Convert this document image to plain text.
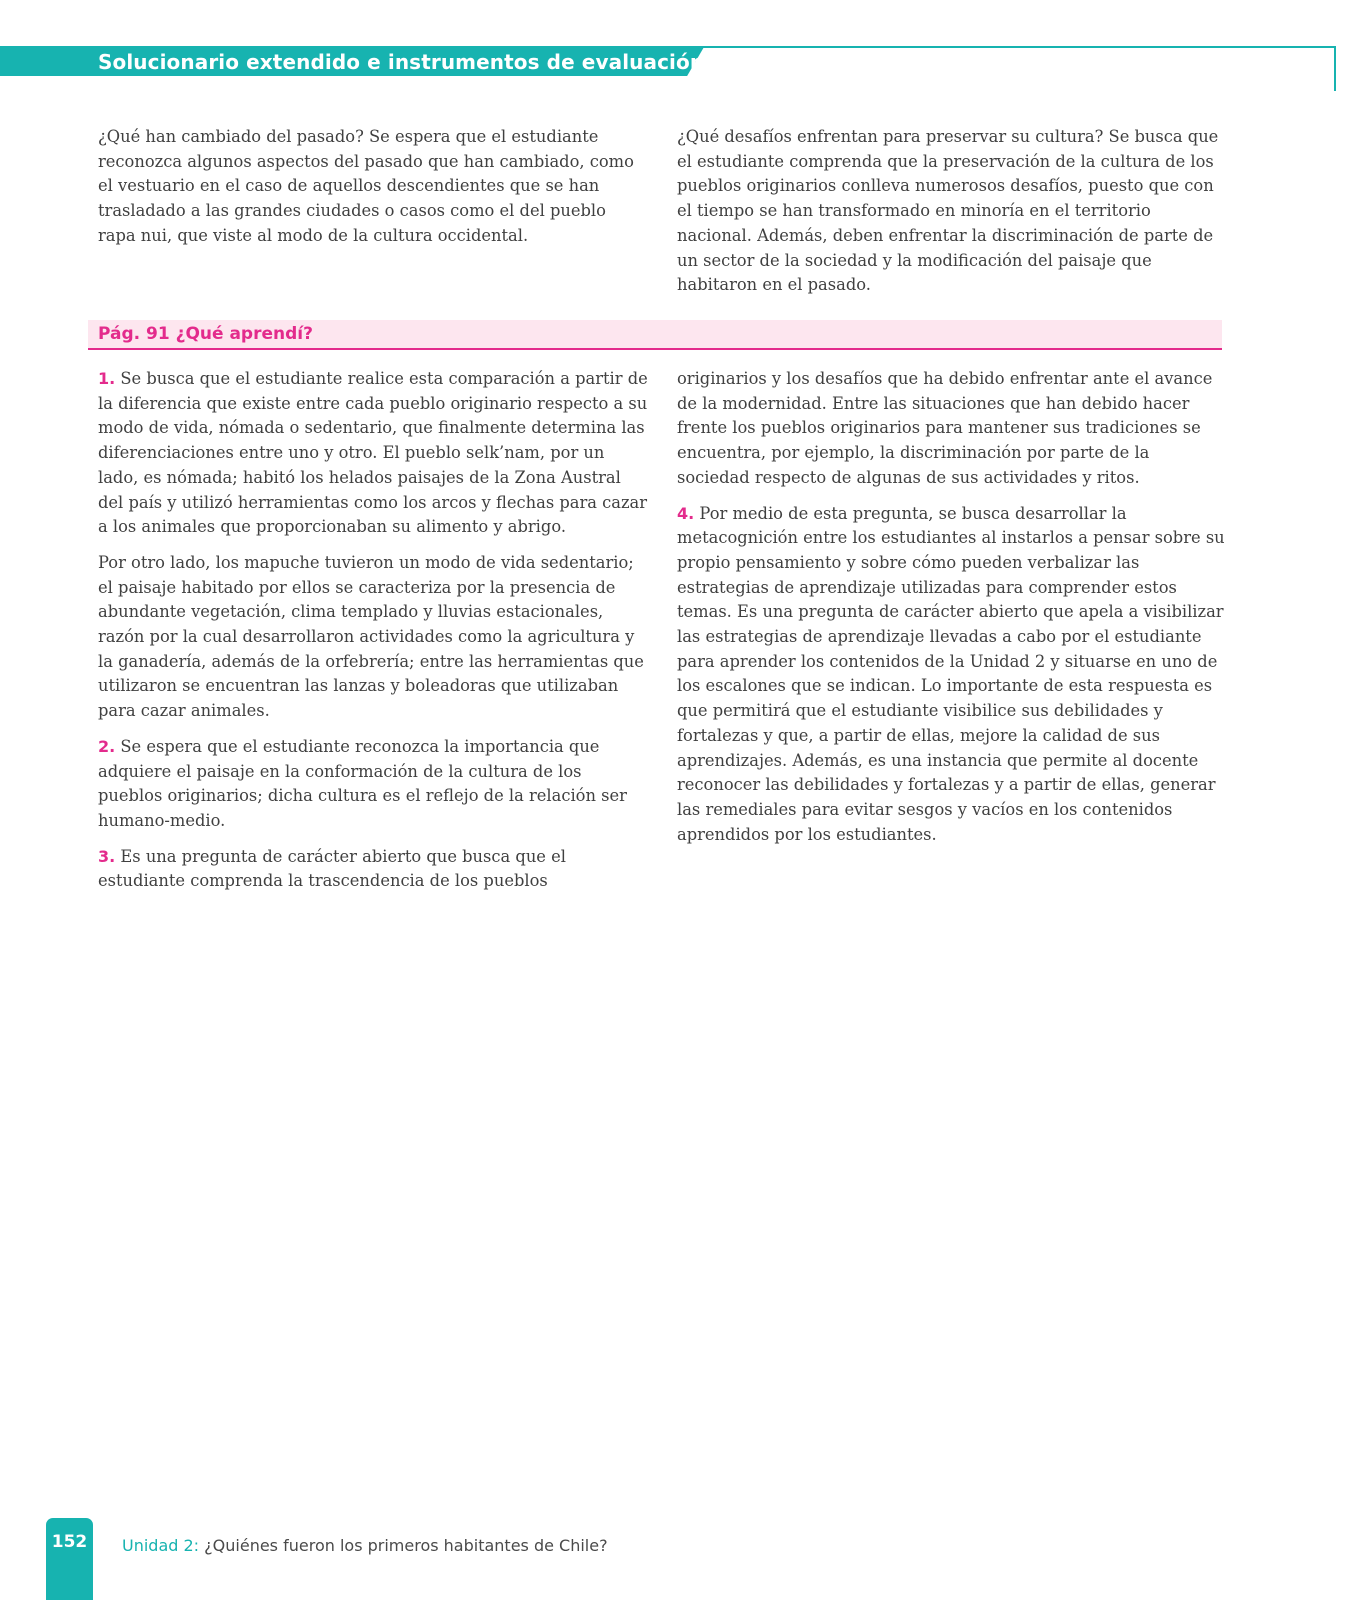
Solucionario extendido e instrumentos de evaluación

¿Qué han cambiado del pasado? Se espera que el estudiante reconozca algunos aspectos del pasado que han cambiado, como el vestuario en el caso de aquellos descendientes que se han trasladado a las grandes ciudades o casos como el del pueblo rapa nui, que viste al modo de la cultura occidental.

¿Qué desafíos enfrentan para preservar su cultura? Se busca que el estudiante comprenda que la preservación de la cultura de los pueblos originarios conlleva numerosos desafíos, puesto que con el tiempo se han transformado en minoría en el territorio nacional. Además, deben enfrentar la discriminación de parte de un sector de la sociedad y la modificación del paisaje que habitaron en el pasado.

Pág. 91 ¿Qué aprendí?

1. Se busca que el estudiante realice esta comparación a partir de la diferencia que existe entre cada pueblo originario respecto a su modo de vida, nómada o sedentario, que finalmente determina las diferenciaciones entre uno y otro. El pueblo selk’nam, por un lado, es nómada; habitó los helados paisajes de la Zona Austral del país y utilizó herramientas como los arcos y flechas para cazar a los animales que proporcionaban su alimento y abrigo.

Por otro lado, los mapuche tuvieron un modo de vida sedentario; el paisaje habitado por ellos se caracteriza por la presencia de abundante vegetación, clima templado y lluvias estacionales, razón por la cual desarrollaron actividades como la agricultura y la ganadería, además de la orfebrería; entre las herramientas que utilizaron se encuentran las lanzas y boleadoras que utilizaban para cazar animales.

2. Se espera que el estudiante reconozca la importancia que adquiere el paisaje en la conformación de la cultura de los pueblos originarios; dicha cultura es el reflejo de la relación ser humano-medio.

3. Es una pregunta de carácter abierto que busca que el estudiante comprenda la trascendencia de los pueblos

originarios y los desafíos que ha debido enfrentar ante el avance de la modernidad. Entre las situaciones que han debido hacer frente los pueblos originarios para mantener sus tradiciones se encuentra, por ejemplo, la discriminación por parte de la sociedad respecto de algunas de sus actividades y ritos.

4. Por medio de esta pregunta, se busca desarrollar la metacognición entre los estudiantes al instarlos a pensar sobre su propio pensamiento y sobre cómo pueden verbalizar las estrategias de aprendizaje utilizadas para comprender estos temas. Es una pregunta de carácter abierto que apela a visibilizar las estrategias de aprendizaje llevadas a cabo por el estudiante para aprender los contenidos de la Unidad 2 y situarse en uno de los escalones que se indican. Lo importante de esta respuesta es que permitirá que el estudiante visibilice sus debilidades y fortalezas y que, a partir de ellas, mejore la calidad de sus aprendizajes. Además, es una instancia que permite al docente reconocer las debilidades y fortalezas y a partir de ellas, generar las remediales para evitar sesgos y vacíos en los contenidos aprendidos por los estudiantes.

152	Unidad 2: ¿Quiénes fueron los primeros habitantes de Chile?
